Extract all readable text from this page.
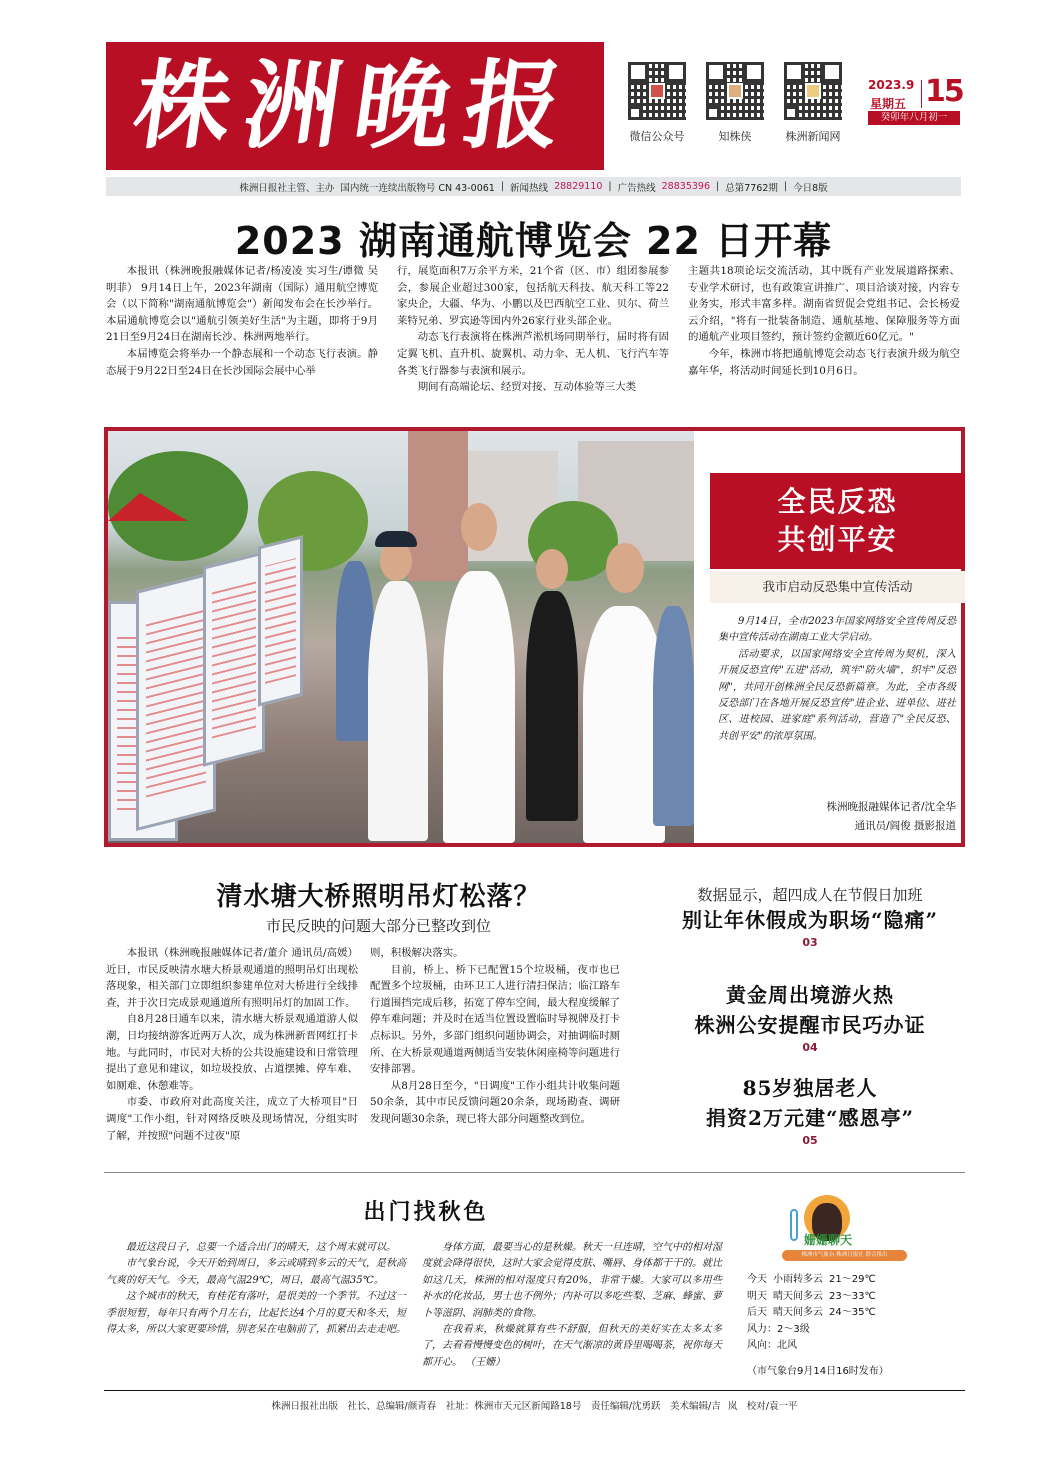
株洲晚报	微信公众号	知株侠	株洲新闻网
2023.9
星期五 15
癸卯年八月初一
株洲日报社主管、主办 国内统一连续出版物号 CN 43-0061 | 新闻热线 28829110 | 广告热线 28835396 | 总第7762期 | 今日8版
2023 湖南通航博览会 22 日开幕

本报讯（株洲晚报融媒体记者/杨凌凌 实习生/谭微 吴明菲） 9月14日上午，2023年湖南（国际）通用航空博览会（以下简称"湖南通航博览会"）新闻发布会在长沙举行。本届通航博览会以"通航引领美好生活"为主题，即将于9月21日至9月24日在湖南长沙、株洲两地举行。

本届博览会将举办一个静态展和一个动态飞行表演。静态展于9月22日至24日在长沙国际会展中心举

行，展览面积7万余平方米，21个省（区、市）组团参展参会，参展企业超过300家，包括航天科技、航天科工等22家央企，大疆、华为、小鹏以及巴西航空工业、贝尔、荷兰莱特兄弟、罗宾逊等国内外26家行业头部企业。

动态飞行表演将在株洲芦淞机场同期举行，届时将有固定翼飞机、直升机、旋翼机、动力伞、无人机、飞行汽车等各类飞行器参与表演和展示。

期间有高端论坛、经贸对接、互动体验等三大类

主题共18项论坛交流活动，其中既有产业发展道路探索、专业学术研讨，也有政策宣讲推广、项目洽谈对接，内容专业务实，形式丰富多样。湖南省贸促会党组书记、会长杨爱云介绍，"将有一批装备制造、通航基地、保障服务等方面的通航产业项目签约，预计签约金额近60亿元。"

今年，株洲市将把通航博览会动态飞行表演升级为航空嘉年华，将活动时间延长到10月6日。

全民反恐
共创平安
我市启动反恐集中宣传活动

9月14日，全市2023年国家网络安全宣传周反恐集中宣传活动在湖南工业大学启动。

活动要求，以国家网络安全宣传周为契机，深入开展反恐宣传"五进"活动，筑牢"防火墙"，织牢"反恐网"，共同开创株洲全民反恐新篇章。为此，全市各级反恐部门在各地开展反恐宣传"进企业、进单位、进社区、进校园、进家庭"系列活动，营造了"全民反恐、共创平安"的浓厚氛围。

株洲晚报融媒体记者/沈全华
通讯员/阎俊 摄影报道
清水塘大桥照明吊灯松落？
市民反映的问题大部分已整改到位

本报讯（株洲晚报融媒体记者/董介 通讯员/高媛） 近日，市民反映清水塘大桥景观通道的照明吊灯出现松落现象，相关部门立即组织参建单位对大桥进行全线排查，并于次日完成景观通道所有照明吊灯的加固工作。

自8月28日通车以来，清水塘大桥景观通道游人似潮，日均接纳游客近两万人次，成为株洲新晋网红打卡地。与此同时，市民对大桥的公共设施建设和日常管理提出了意见和建议，如垃圾投放、占道摆摊、停车难、如厕难、休憩难等。

市委、市政府对此高度关注，成立了大桥项目"日调度"工作小组，针对网络反映及现场情况，分组实时了解，并按照"问题不过夜"原

则，积极解决落实。

目前，桥上、桥下已配置15个垃圾桶，夜市也已配置多个垃圾桶，由环卫工人进行清扫保洁；临江路车行道围挡完成后移，拓宽了停车空间，最大程度缓解了停车难问题；并及时在适当位置设置临时导视牌及打卡点标识。另外，多部门组织问题协调会，对抽调临时厕所、在大桥景观通道两侧适当安装休闲座椅等问题进行安排部署。

从8月28日至今，"日调度"工作小组共计收集问题50余条，其中市民反馈问题20余条，现场勘查、调研发现问题30余条，现已将大部分问题整改到位。

数据显示，超四成人在节假日加班
别让年休假成为职场“隐痛”
03
黄金周出境游火热
株洲公安提醒市民巧办证
04
85岁独居老人
捐资2万元建“感恩亭”
05
出门找秋色

最近这段日子，总要一个适合出门的晴天，这个周末就可以。

市气象台说，今天开始到周日，多云或晴到多云的天气，是秋高气爽的好天气。今天，最高气温29℃，周日，最高气温35℃。

这个城市的秋天，有桂花有落叶，是很美的一个季节。不过这一季很短暂，每年只有两个月左右，比起长达4个月的夏天和冬天，短得太多，所以大家更要珍惜，别老呆在电脑前了，抓紧出去走走吧。

身体方面，最要当心的是秋燥。秋天一旦连晴，空气中的相对湿度就会降得很快，这时大家会觉得皮肤、嘴唇、身体都干干的。就比如这几天，株洲的相对湿度只有20%，非常干燥。大家可以多用些补水的化妆品，男士也不例外；内补可以多吃些梨、芝麻、蜂蜜、萝卜等滋阴、润肺类的食物。

在我看来，秋燥就算有些不舒服，但秋天的美好实在太多太多了，去看看慢慢变色的树叶，在天气渐凉的黄昏里喝喝茶，祝你每天都开心。 （王姗）

姗姗聊天
株洲市气象台·株洲日报社 联合推出
今天 小雨转多云 21～29℃
明天 晴天间多云 23～33℃
后天 晴天间多云 24～35℃
风力：2～3级
风向：北风
（市气象台9月14日16时发布）
株洲日报社出版　社长、总编辑/颜青春　社址：株洲市天元区新闻路18号　责任编辑/沈勇跃　美术编辑/吉 岚　校对/袁一平
